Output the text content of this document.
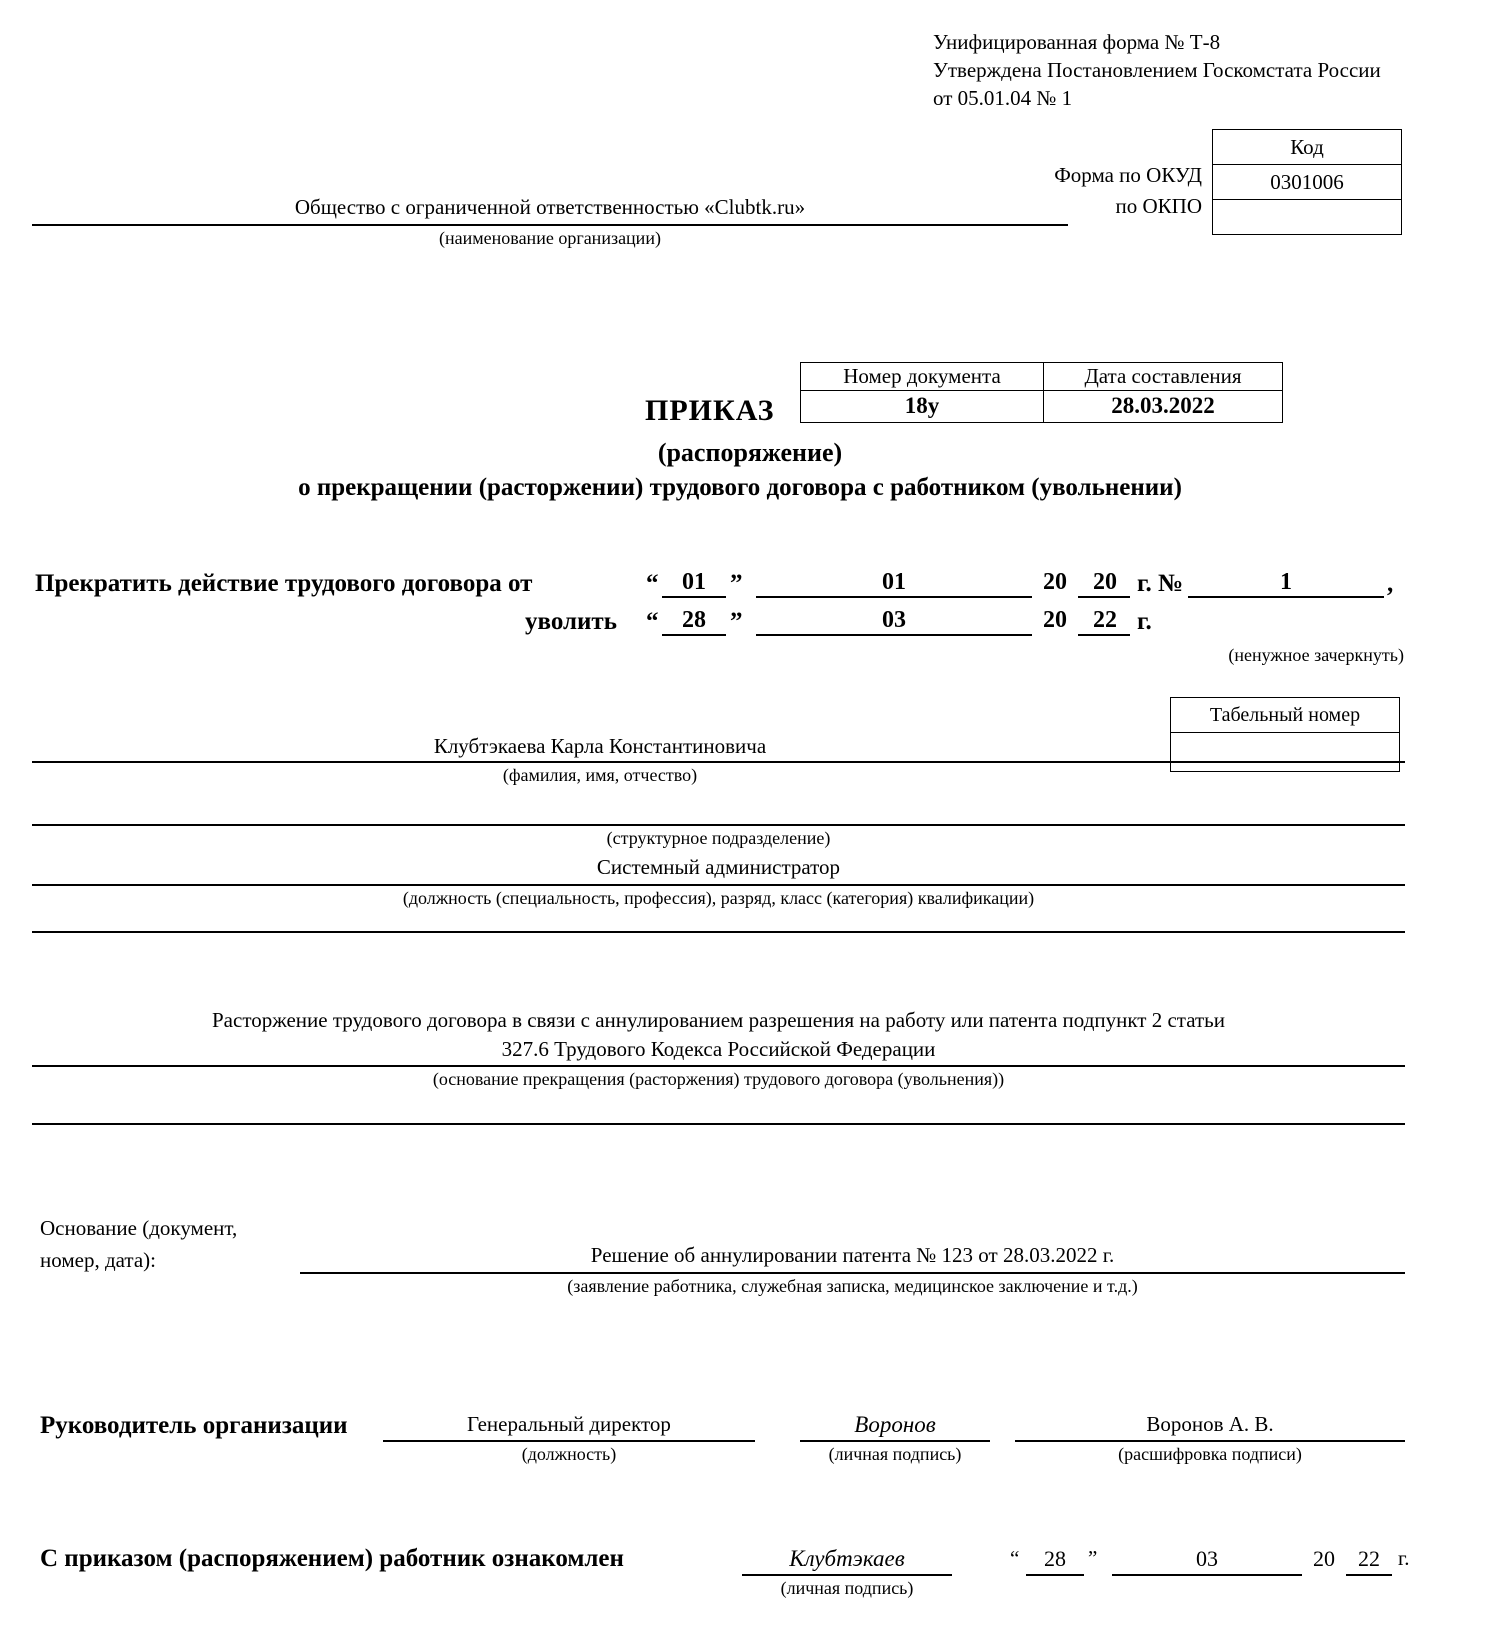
Унифицированная форма № Т-8
Утверждена Постановлением Госкомстата России
от 05.01.04 № 1
Код
0301006

Форма по ОКУД
по ОКПО
Общество с ограниченной ответственностью «Clubtk.ru»
(наименование организации)
Номер документа	Дата составления
18у	28.03.2022
ПРИКАЗ
(распоряжение)
о прекращении (расторжении) трудового договора с работником (увольнении)
Прекратить действие трудового договора от	“ 01 ”	01	20	20 г. №	1	,
уволить “ 28 ”	03	20	22 г.
(ненужное зачеркнуть)
Табельный номер

Клубтэкаева Карла Константиновича
(фамилия, имя, отчество)
(структурное подразделение)
Системный администратор
(должность (специальность, профессия), разряд, класс (категория) квалификации)
Расторжение трудового договора в связи с аннулированием разрешения на работу или патента подпункт 2 статьи
327.6 Трудового Кодекса Российской Федерации
(основание прекращения (расторжения) трудового договора (увольнения))
Основание (документ,
номер, дата):	Решение об аннулировании патента № 123 от 28.03.2022 г.
(заявление работника, служебная записка, медицинское заключение и т.д.)
Руководитель организации	Генеральный директор
(должность)
Воронов
(личная подпись)
Воронов А. В.
(расшифровка подписи)
С приказом (распоряжением) работник ознакомлен	Клубтэкаев
(личная подпись)
“	28	”	03	20	22 г.
